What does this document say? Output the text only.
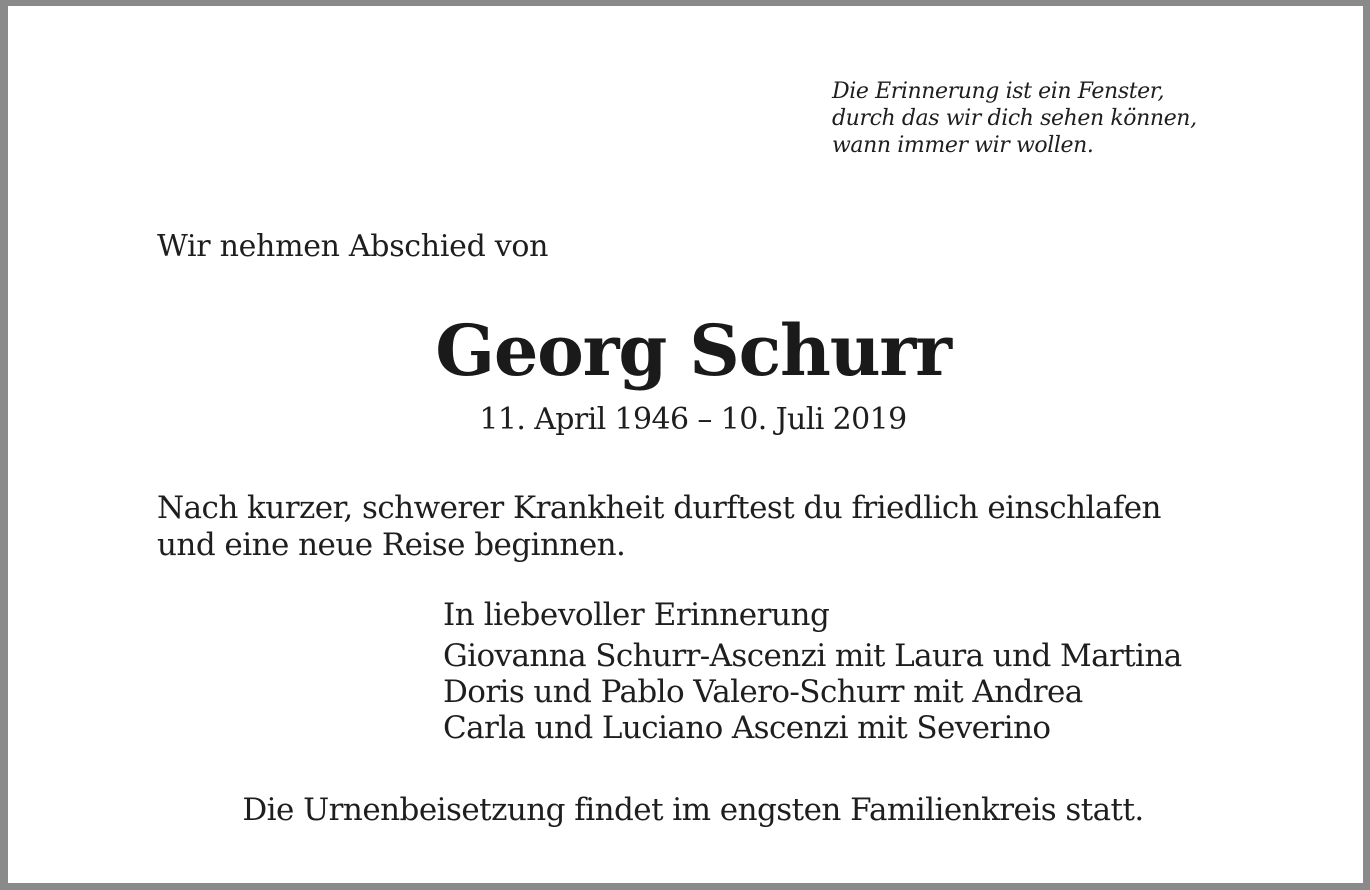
Die Erinnerung ist ein Fenster,
durch das wir dich sehen können,
wann immer wir wollen.
Wir nehmen Abschied von
Georg Schurr
11. April 1946 – 10. Juli 2019
Nach kurzer, schwerer Krankheit durftest du friedlich einschlafen
und eine neue Reise beginnen.
In liebevoller Erinnerung
Giovanna Schurr-Ascenzi mit Laura und Martina
Doris und Pablo Valero-Schurr mit Andrea
Carla und Luciano Ascenzi mit Severino
Die Urnenbeisetzung findet im engsten Familienkreis statt.
